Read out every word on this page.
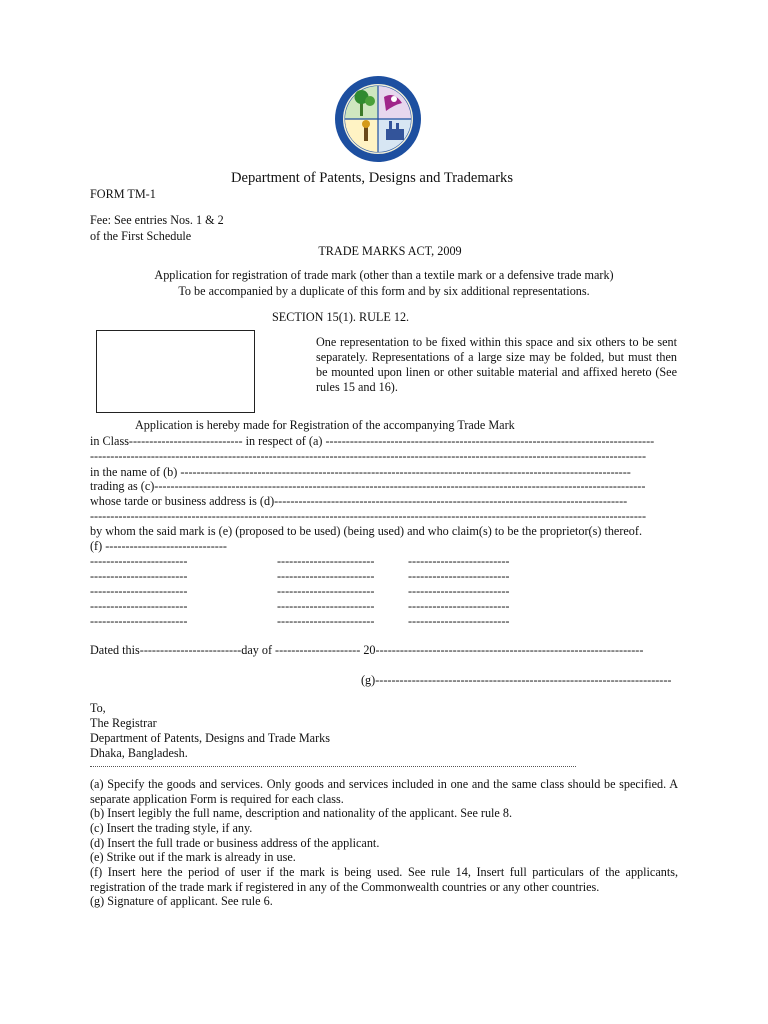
Department of Patents, Designs and Trademarks
FORM TM-1
Fee: See entries Nos. 1 & 2
of the First Schedule
TRADE MARKS ACT, 2009
Application for registration of trade mark (other than a textile mark or a defensive trade mark)
To be accompanied by a duplicate of this form and by six additional representations.
SECTION 15(1). RULE 12.
One representation to be fixed within this space and six others to be sent separately. Representations of a large size may be folded, but must then be mounted upon linen or other suitable material and affixed hereto (See rules 15 and 16).
Application is hereby made for Registration of the accompanying Trade Mark
in Class---------------------------- in respect of (a) ---------------------------------------------------------------------------------
-----------------------------------------------------------------------------------------------------------------------------------------
in the name of (b) ---------------------------------------------------------------------------------------------------------------
trading as (c)-------------------------------------------------------------------------------------------------------------------------
whose tarde or business address is (d)---------------------------------------------------------------------------------------
-----------------------------------------------------------------------------------------------------------------------------------------
by whom the said mark is (e) (proposed to be used) (being used) and who claim(s) to be the proprietor(s) thereof.
(f) ------------------------------
------------------------	------------------------	-------------------------
------------------------	------------------------	-------------------------
------------------------	------------------------	-------------------------
------------------------	------------------------	-------------------------
------------------------	------------------------	-------------------------
Dated this-------------------------day of --------------------- 20------------------------------------------------------------------
(g)-------------------------------------------------------------------------
To,
The Registrar
Department of Patents, Designs and Trade Marks
Dhaka, Bangladesh.
(a) Specify the goods and services. Only goods and services included in one and the same class should be specified. A separate application Form is required for each class.
(b) Insert legibly the full name, description and nationality of the applicant. See rule 8.
(c) Insert the trading style, if any.
(d) Insert the full trade or business address of the applicant.
(e) Strike out if the mark is already in use.
(f) Insert here the period of user if the mark is being used. See rule 14, Insert full particulars of the applicants, registration of the trade mark if registered in any of the Commonwealth countries or any other countries.
(g) Signature of applicant. See rule 6.
